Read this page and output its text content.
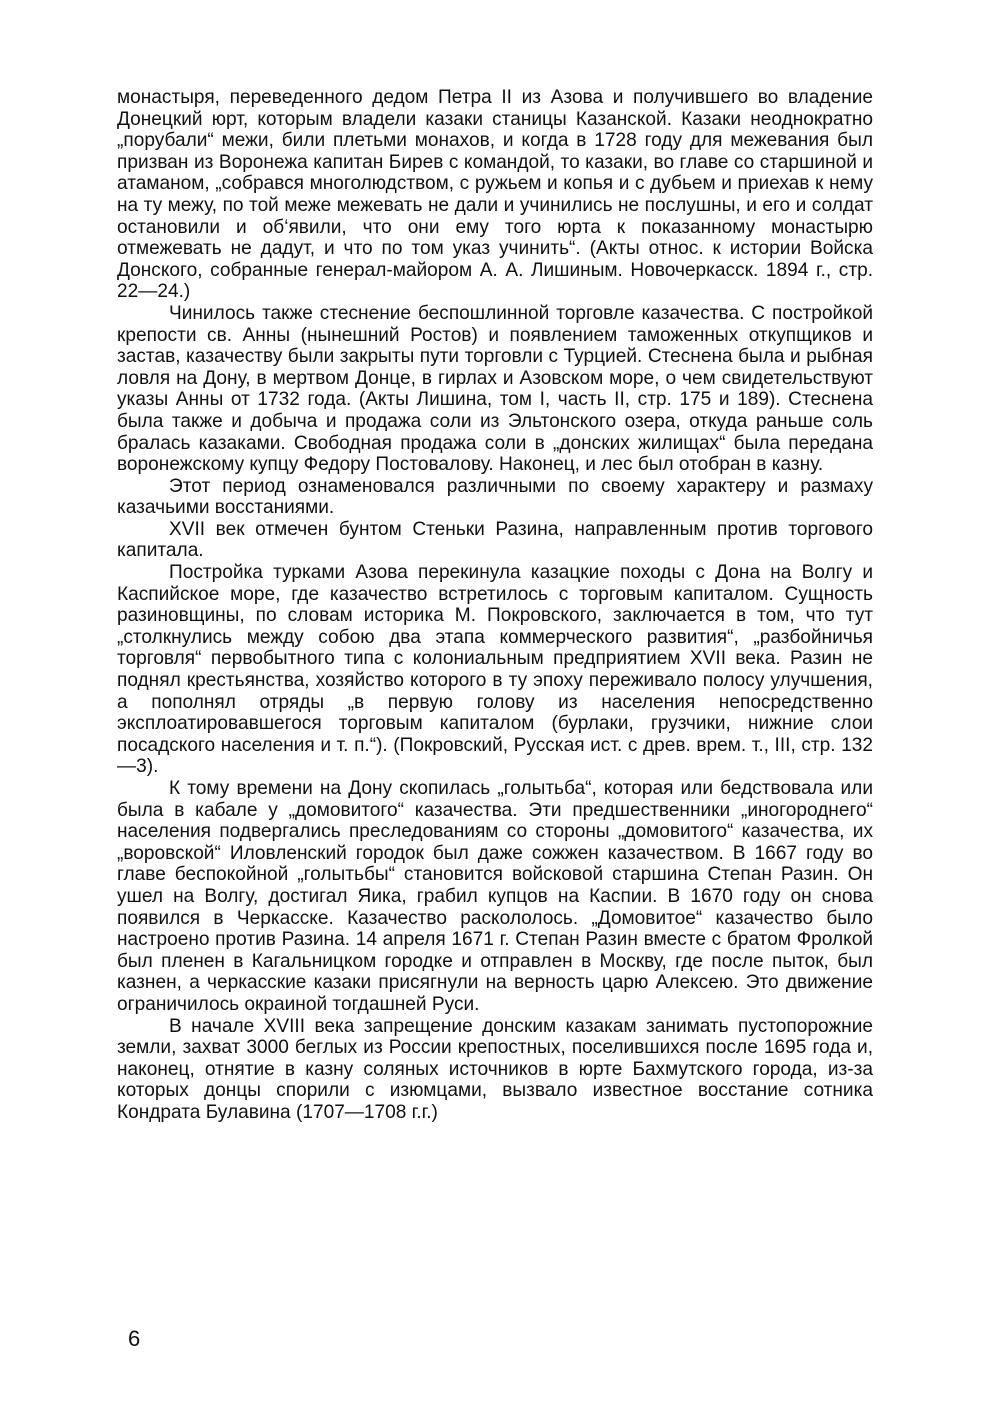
монастыря, переведенного дедом Петра II из Азова и получившего во владение Донецкий юрт, которым владели казаки станицы Казанской. Казаки неоднократно „порубали“ межи, били плетьми монахов, и когда в 1728 году для межевания был призван из Воронежа капитан Бирев с командой, то казаки, во главе со старшиной и атаманом, „собрався многолюдством, с ружьем и копья и с дубьем и приехав к нему на ту межу, по той меже межевать не дали и учинились не послушны, и его и солдат остановили и об‘явили, что они ему того юрта к показанному монастырю отмежевать не дадут, и что по том указ учинить“. (Акты относ. к истории Войска Донского, собранные генерал-майором А. А. Лишиным. Новочеркасск. 1894 г., стр. 22—24.)

Чинилось также стеснение беспошлинной торговле казачества. С постройкой крепости св. Анны (нынешний Ростов) и появлением таможенных откупщиков и застав, казачеству были закрыты пути торговли с Турцией. Стеснена была и рыбная ловля на Дону, в мертвом Донце, в гирлах и Азовском море, о чем свидетельствуют указы Анны от 1732 года. (Акты Лишина, том I, часть II, стр. 175 и 189). Стеснена была также и добыча и продажа соли из Эльтонского озера, откуда раньше соль бралась казаками. Свободная продажа соли в „донских жилищах“ была передана воронежскому купцу Федору Постовалову. Наконец, и лес был отобран в казну.

Этот период ознаменовался различными по своему характеру и размаху казачьими восстаниями.

XVII век отмечен бунтом Стеньки Разина, направленным против торгового капитала.

Постройка турками Азова перекинула казацкие походы с Дона на Волгу и Каспийское море, где казачество встретилось с торговым капиталом. Сущность разиновщины, по словам историка М. Покровского, заключается в том, что тут „столкнулись между собою два этапа коммерческого развития“, „разбойничья торговля“ первобытного типа с колониальным предприятием XVII века. Разин не поднял крестьянства, хозяйство которого в ту эпоху переживало полосу улучшения, а пополнял отряды „в первую голову из населения непосредственно эксплоатировавшегося торговым капиталом (бурлаки, грузчики, нижние слои посадского населения и т. п.“). (Покровский, Русская ист. с древ. врем. т., III, стр. 132—3).

К тому времени на Дону скопилась „голытьба“, которая или бедствовала или была в кабале у „домовитого“ казачества. Эти предшественники „иногороднего“ населения подвергались преследованиям со стороны „домовитого“ казачества, их „воровской“ Иловленский городок был даже сожжен казачеством. В 1667 году во главе беспокойной „голытьбы“ становится войсковой старшина Степан Разин. Он ушел на Волгу, достигал Яика, грабил купцов на Каспии. В 1670 году он снова появился в Черкасске. Казачество раскололось. „Домовитое“ казачество было настроено против Разина. 14 апреля 1671 г. Степан Разин вместе с братом Фролкой был пленен в Кагальницком городке и отправлен в Москву, где после пыток, был казнен, а черкасские казаки присягнули на верность царю Алексею. Это движение ограничилось окраиной тогдашней Руси.

В начале XVIII века запрещение донским казакам занимать пустопорожние земли, захват 3000 беглых из России крепостных, поселившихся после 1695 года и, наконец, отнятие в казну соляных источников в юрте Бахмутского города, из-за которых донцы спорили с изюмцами, вызвало известное восстание сотника Кондрата Булавина (1707—1708 г.г.)

6
